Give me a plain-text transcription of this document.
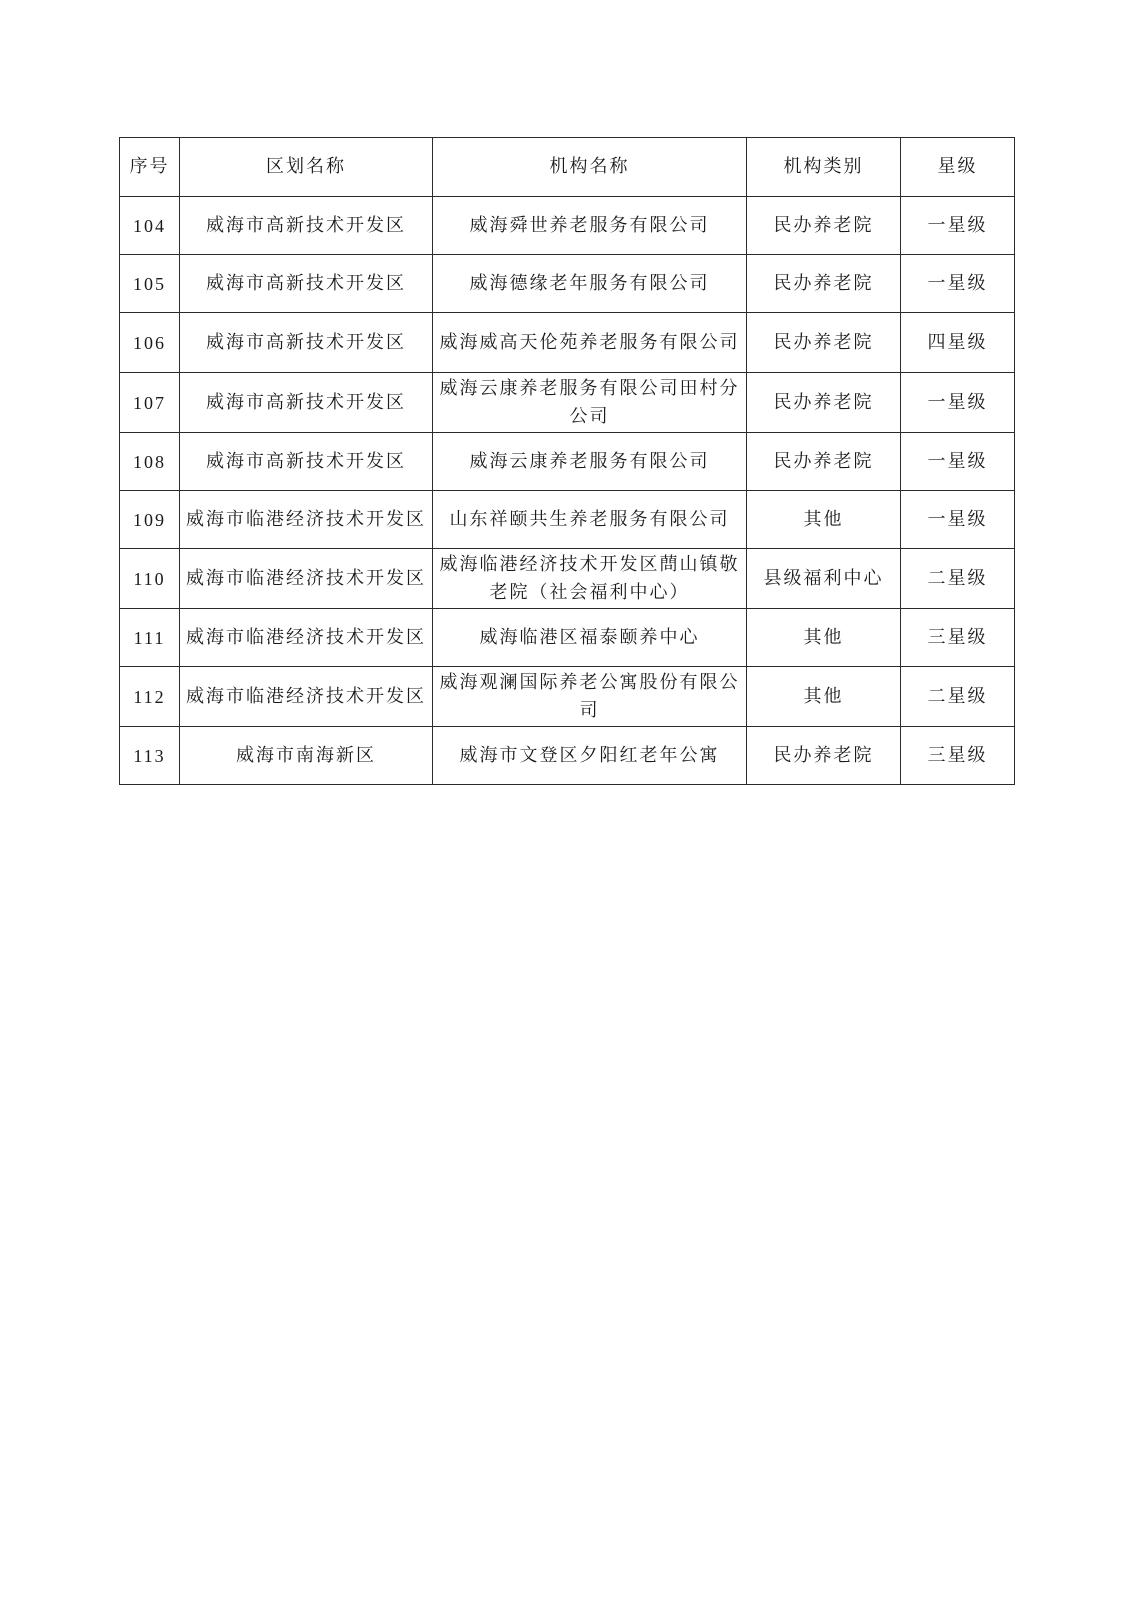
序号	区划名称	机构名称	机构类别	星级
104	威海市高新技术开发区	威海舜世养老服务有限公司	民办养老院	一星级
105	威海市高新技术开发区	威海德缘老年服务有限公司	民办养老院	一星级
106	威海市高新技术开发区	威海威高天伦苑养老服务有限公司	民办养老院	四星级
107	威海市高新技术开发区	威海云康养老服务有限公司田村分公司	民办养老院	一星级
108	威海市高新技术开发区	威海云康养老服务有限公司	民办养老院	一星级
109	威海市临港经济技术开发区	山东祥颐共生养老服务有限公司	其他	一星级
110	威海市临港经济技术开发区	威海临港经济技术开发区蔄山镇敬老院（社会福利中心）	县级福利中心	二星级
111	威海市临港经济技术开发区	威海临港区福泰颐养中心	其他	三星级
112	威海市临港经济技术开发区	威海观澜国际养老公寓股份有限公司	其他	二星级
113	威海市南海新区	威海市文登区夕阳红老年公寓	民办养老院	三星级
